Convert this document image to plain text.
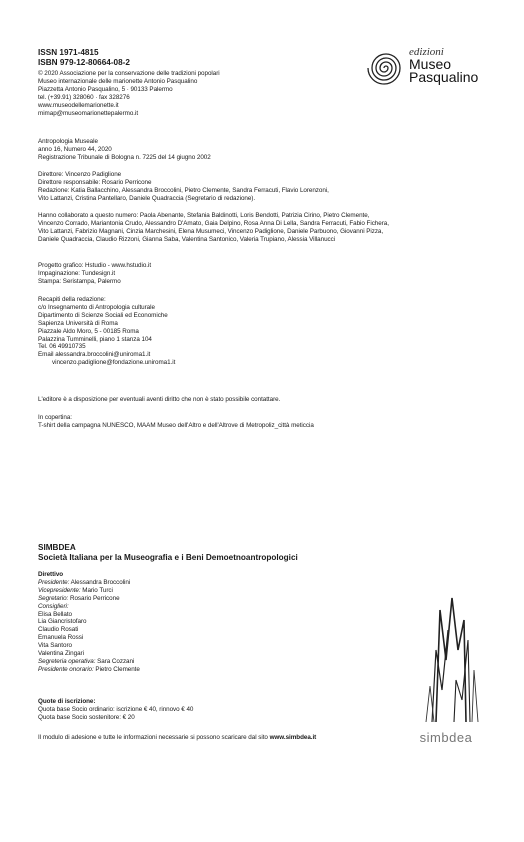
edizioni
Museo
Pasqualino
ISSN 1971-4815
ISBN 979-12-80664-08-2
© 2020 Associazione per la conservazione delle tradizioni popolari
Museo internazionale delle marionette Antonio Pasqualino
Piazzetta Antonio Pasqualino, 5 · 90133 Palermo
tel. (+39.91) 328060 · fax 328276
www.museodellemarionette.it
mimap@museomarionettepalermo.it
Antropologia Museale
anno 16, Numero 44, 2020
Registrazione Tribunale di Bologna n. 7225 del 14 giugno 2002
Direttore: Vincenzo Padiglione
Direttore responsabile: Rosario Perricone
Redazione: Katia Ballacchino, Alessandra Broccolini, Pietro Clemente, Sandra Ferracuti, Flavio Lorenzoni,
Vito Lattanzi, Cristina Pantellaro, Daniele Quadraccia (Segretario di redazione).
Hanno collaborato a questo numero: Paola Abenante, Stefania Baldinotti, Loris Bendotti, Patrizia Cirino, Pietro Clemente,
Vincenzo Corrado, Mariantonia Crudo, Alessandro D'Amato, Gaia Delpino, Rosa Anna Di Lella, Sandra Ferracuti, Fabio Fichera,
Vito Lattanzi, Fabrizio Magnani, Cinzia Marchesini, Elena Musumeci, Vincenzo Padiglione, Daniele Parbuono, Giovanni Pizza,
Daniele Quadraccia, Claudio Rizzoni, Gianna Saba, Valentina Santonico, Valeria Trupiano, Alessia Villanucci
Progetto grafico: Hstudio - www.hstudio.it
Impaginazione: Tundesign.it
Stampa: Seristampa, Palermo
Recapiti della redazione:
c/o Insegnamento di Antropologia culturale
Dipartimento di Scienze Sociali ed Economiche
Sapienza Università di Roma
Piazzale Aldo Moro, 5 - 00185 Roma
Palazzina Tumminelli, piano 1 stanza 104
Tel. 06 49910735
Email alessandra.broccolini@uniroma1.it
vincenzo.padiglione@fondazione.uniroma1.it
L'editore è a disposizione per eventuali aventi diritto che non è stato possibile contattare.
In copertina:
T-shirt della campagna NUNESCO, MAAM Museo dell'Altro e dell'Altrove di Metropoliz_città meticcia
SIMBDEA
Società Italiana per la Museografia e i Beni Demoetnoantropologici
Direttivo
Presidente: Alessandra Broccolini
Vicepresidente: Mario Turci
Segretario: Rosario Perricone
Consiglieri:
Elisa Bellato
Lia Giancristofaro
Claudio Rosati
Emanuela Rossi
Vita Santoro
Valentina Zingari
Segreteria operativa: Sara Cozzani
Presidente onorario: Pietro Clemente
Quote di iscrizione:
Quota base Socio ordinario: iscrizione € 40, rinnovo € 40
Quota base Socio sostenitore: € 20
Il modulo di adesione e tutte le informazioni necessarie si possono scaricare dal sito www.simbdea.it	simbdea
